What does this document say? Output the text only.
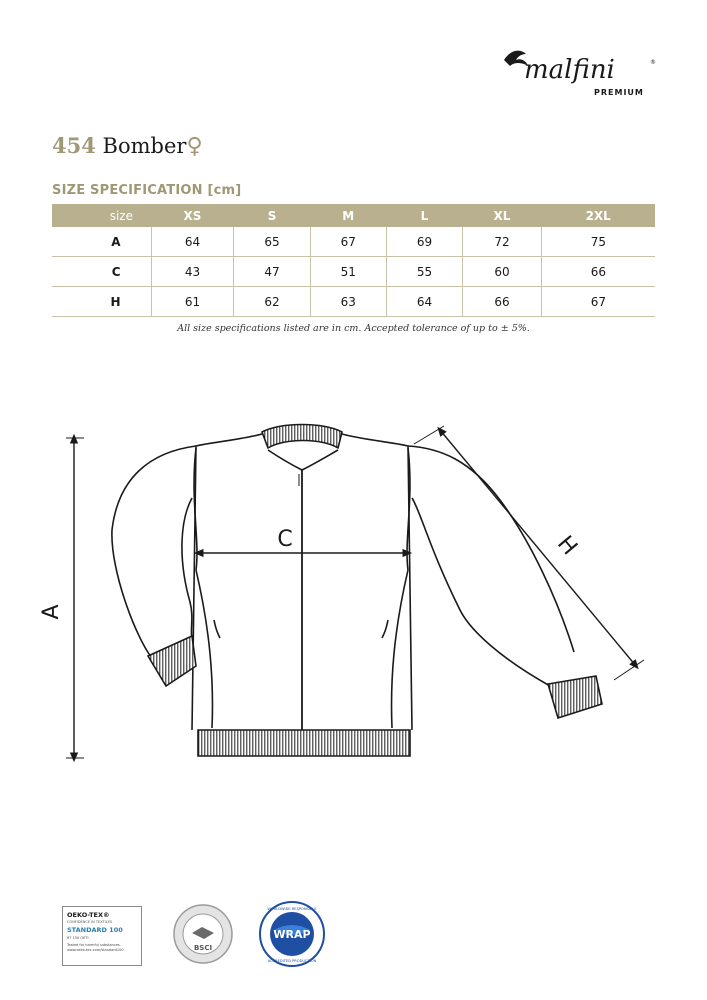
malfini	®
PREMIUM
454 Bomber♀
SIZE SPECIFICATION [cm]
size	XS	S	M	L	XL	2XL
A	64	65	67	69	72	75
C	43	47	51	55	60	66
H	61	62	63	64	66	67
All size specifications listed are in cm. Accepted tolerance of up to ± 5%.
A
C	H
OEKO-TEX®
CONFIDENCE IN TEXTILES
STANDARD 100
67 150 OETI
Tested for harmful substances. www.oeko-tex.com/standard100	BSCI
WRAP
WORLDWIDE RESPONSIBLE
ACCREDITED PRODUCTION
